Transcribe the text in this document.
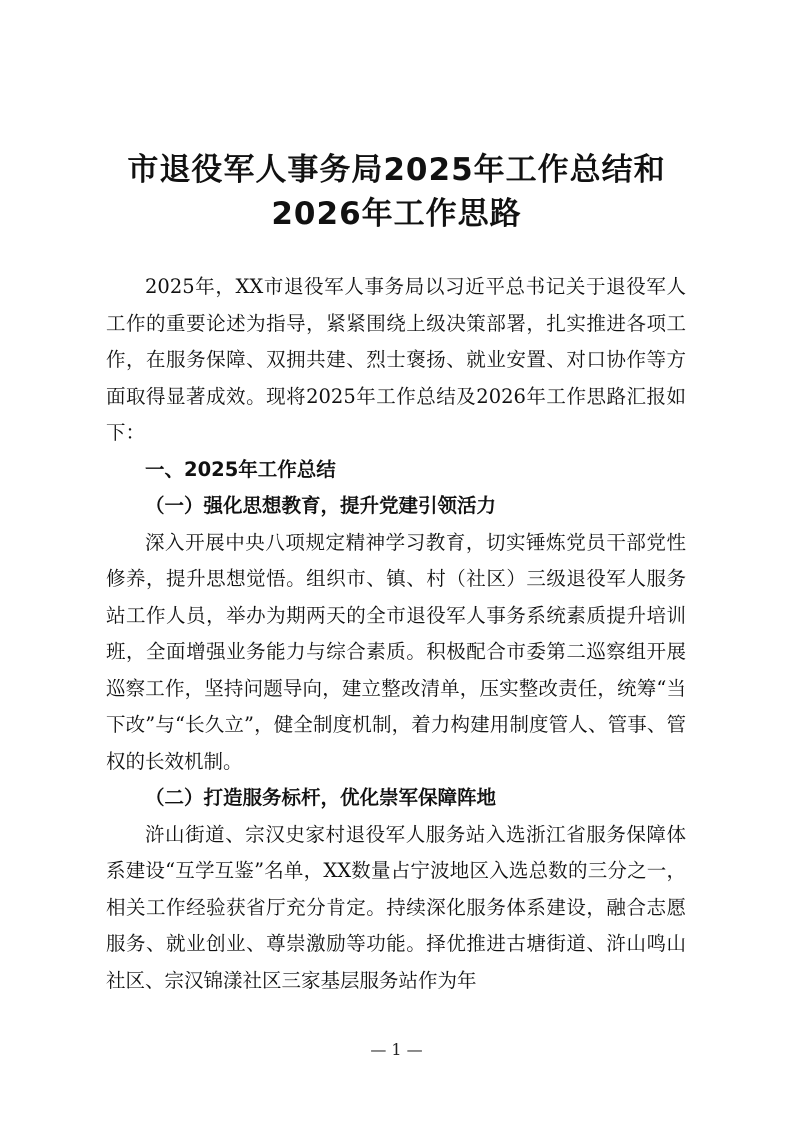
市退役军人事务局2025年工作总结和
2026年工作思路

2025年，XX市退役军人事务局以习近平总书记关于退役军人工作的重要论述为指导，紧紧围绕上级决策部署，扎实推进各项工作，在服务保障、双拥共建、烈士褒扬、就业安置、对口协作等方面取得显著成效。现将2025年工作总结及2026年工作思路汇报如下：

一、2025年工作总结

（一）强化思想教育，提升党建引领活力

深入开展中央八项规定精神学习教育，切实锤炼党员干部党性修养，提升思想觉悟。组织市、镇、村（社区）三级退役军人服务站工作人员，举办为期两天的全市退役军人事务系统素质提升培训班，全面增强业务能力与综合素质。积极配合市委第二巡察组开展巡察工作，坚持问题导向，建立整改清单，压实整改责任，统筹“当下改”与“长久立”，健全制度机制，着力构建用制度管人、管事、管权的长效机制。

（二）打造服务标杆，优化崇军保障阵地

浒山街道、宗汉史家村退役军人服务站入选浙江省服务保障体系建设“互学互鉴”名单，XX数量占宁波地区入选总数的三分之一，相关工作经验获省厅充分肯定。持续深化服务体系建设，融合志愿服务、就业创业、尊崇激励等功能。择优推进古塘街道、浒山鸣山社区、宗汉锦漾社区三家基层服务站作为年

— 1 —
